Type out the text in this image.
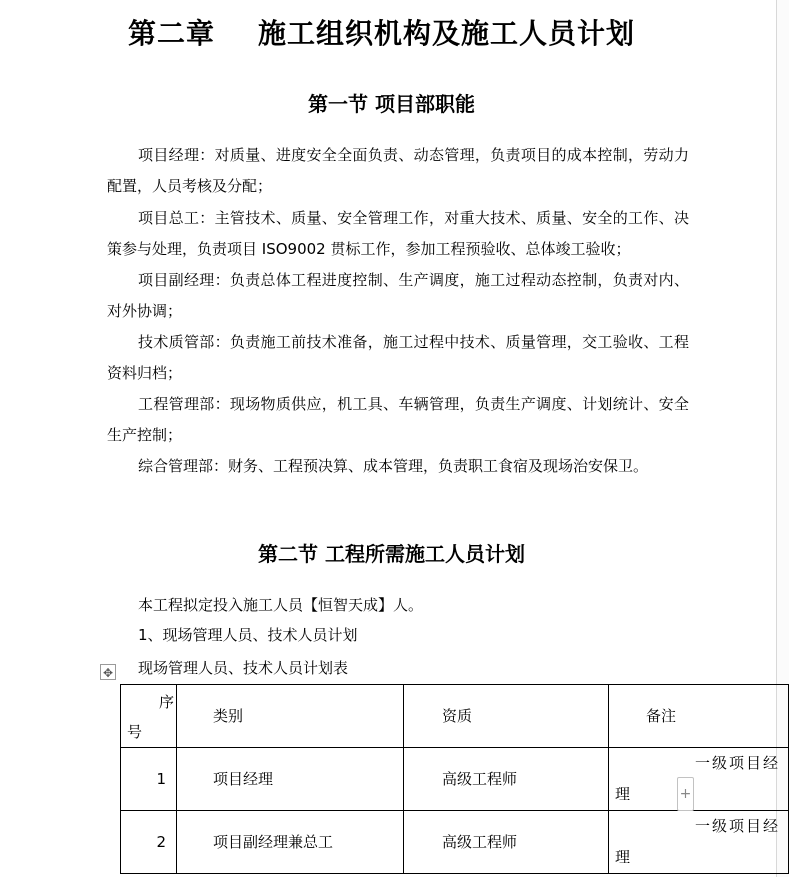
第二章    施工组织机构及施工人员计划
第一节 项目部职能

项目经理：对质量、进度安全全面负责、动态管理，负责项目的成本控制，劳动力配置，人员考核及分配；

项目总工：主管技术、质量、安全管理工作，对重大技术、质量、安全的工作、决策参与处理，负责项目 ISO9002 贯标工作，参加工程预验收、总体竣工验收；

项目副经理：负责总体工程进度控制、生产调度，施工过程动态控制，负责对内、对外协调；

技术质管部：负责施工前技术准备，施工过程中技术、质量管理，交工验收、工程资料归档；

工程管理部：现场物质供应，机工具、车辆管理，负责生产调度、计划统计、安全生产控制；

综合管理部：财务、工程预决算、成本管理，负责职工食宿及现场治安保卫。

第二节 工程所需施工人员计划
本工程拟定投入施工人员【恒智天成】人。
1、现场管理人员、技术人员计划
现场管理人员、技术人员计划表
✥
序
号	类别	资质	备注
1	项目经理	高级工程师	一级项目经
理

2	项目副经理兼总工	高级工程师	一级项目经
理
+
